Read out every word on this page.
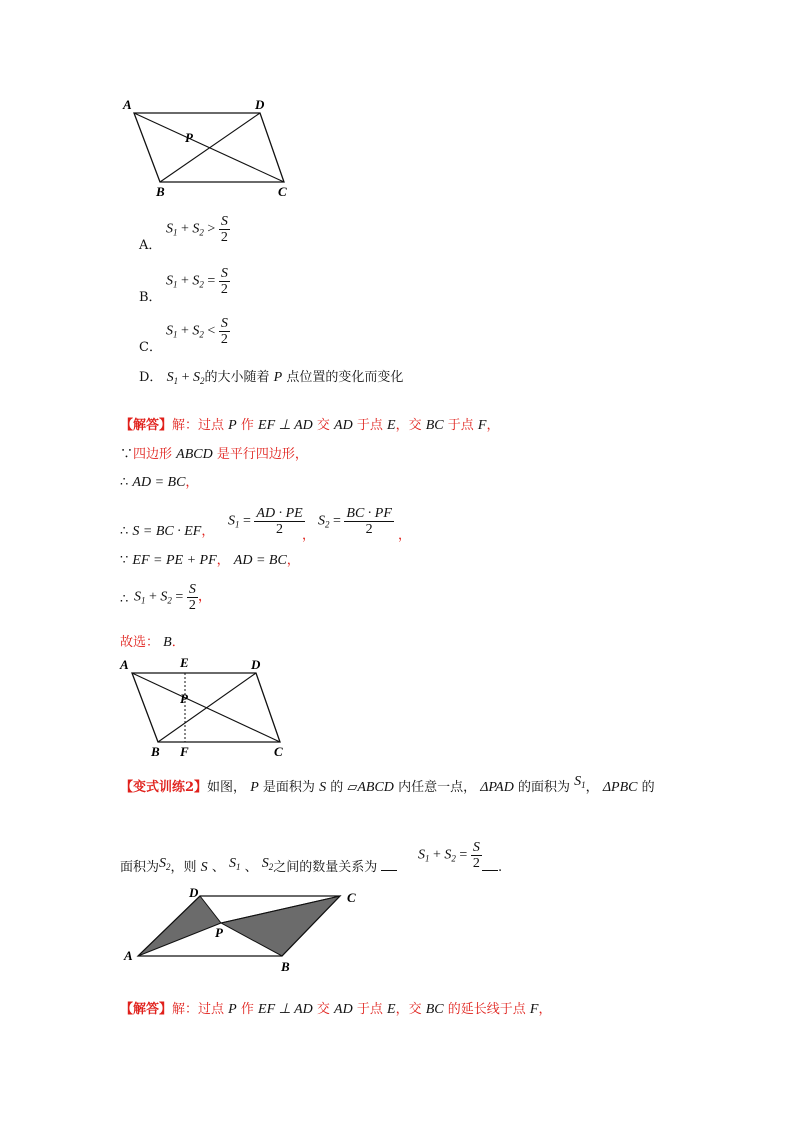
A	D
P
B	C
A．
$S_1 + S_2 > \frac{S}{2}$
B．
$S_1 + S_2 = \frac{S}{2}$
C．
$S_1 + S_2 < \frac{S}{2}$
D． $S_1 + S_2$的大小随着 P 点位置的变化而变化
【解答】解：过点 P 作 EF ⊥ AD 交 AD 于点 E，交 BC 于点 F，
∵四边形 ABCD 是平行四边形，
∴ AD = BC，
∴ S = BC · EF，
$S_1 = \frac{AD \cdot PE}{2}$
，
$S_2 = \frac{BC \cdot PF}{2}$ ，
∵ EF = PE + PF， AD = BC，
∴ $S_1 + S_2 = \frac{S}{2}$ ，
故选： B．
A	E	D
P
B F	C
【变式训练2】如图， P 是面积为 S 的 ▱ABCD 内任意一点， ΔPAD 的面积为 $S_1$， ΔPBC 的
面积为$S_2$，则 S 、 $S_1$ 、 $S_2$之间的数量关系为
$S_1 + S_2 = \frac{S}{2}$	.
D	C
P
A
B
【解答】解：过点 P 作 EF ⊥ AD 交 AD 于点 E，交 BC 的延长线于点 F，
